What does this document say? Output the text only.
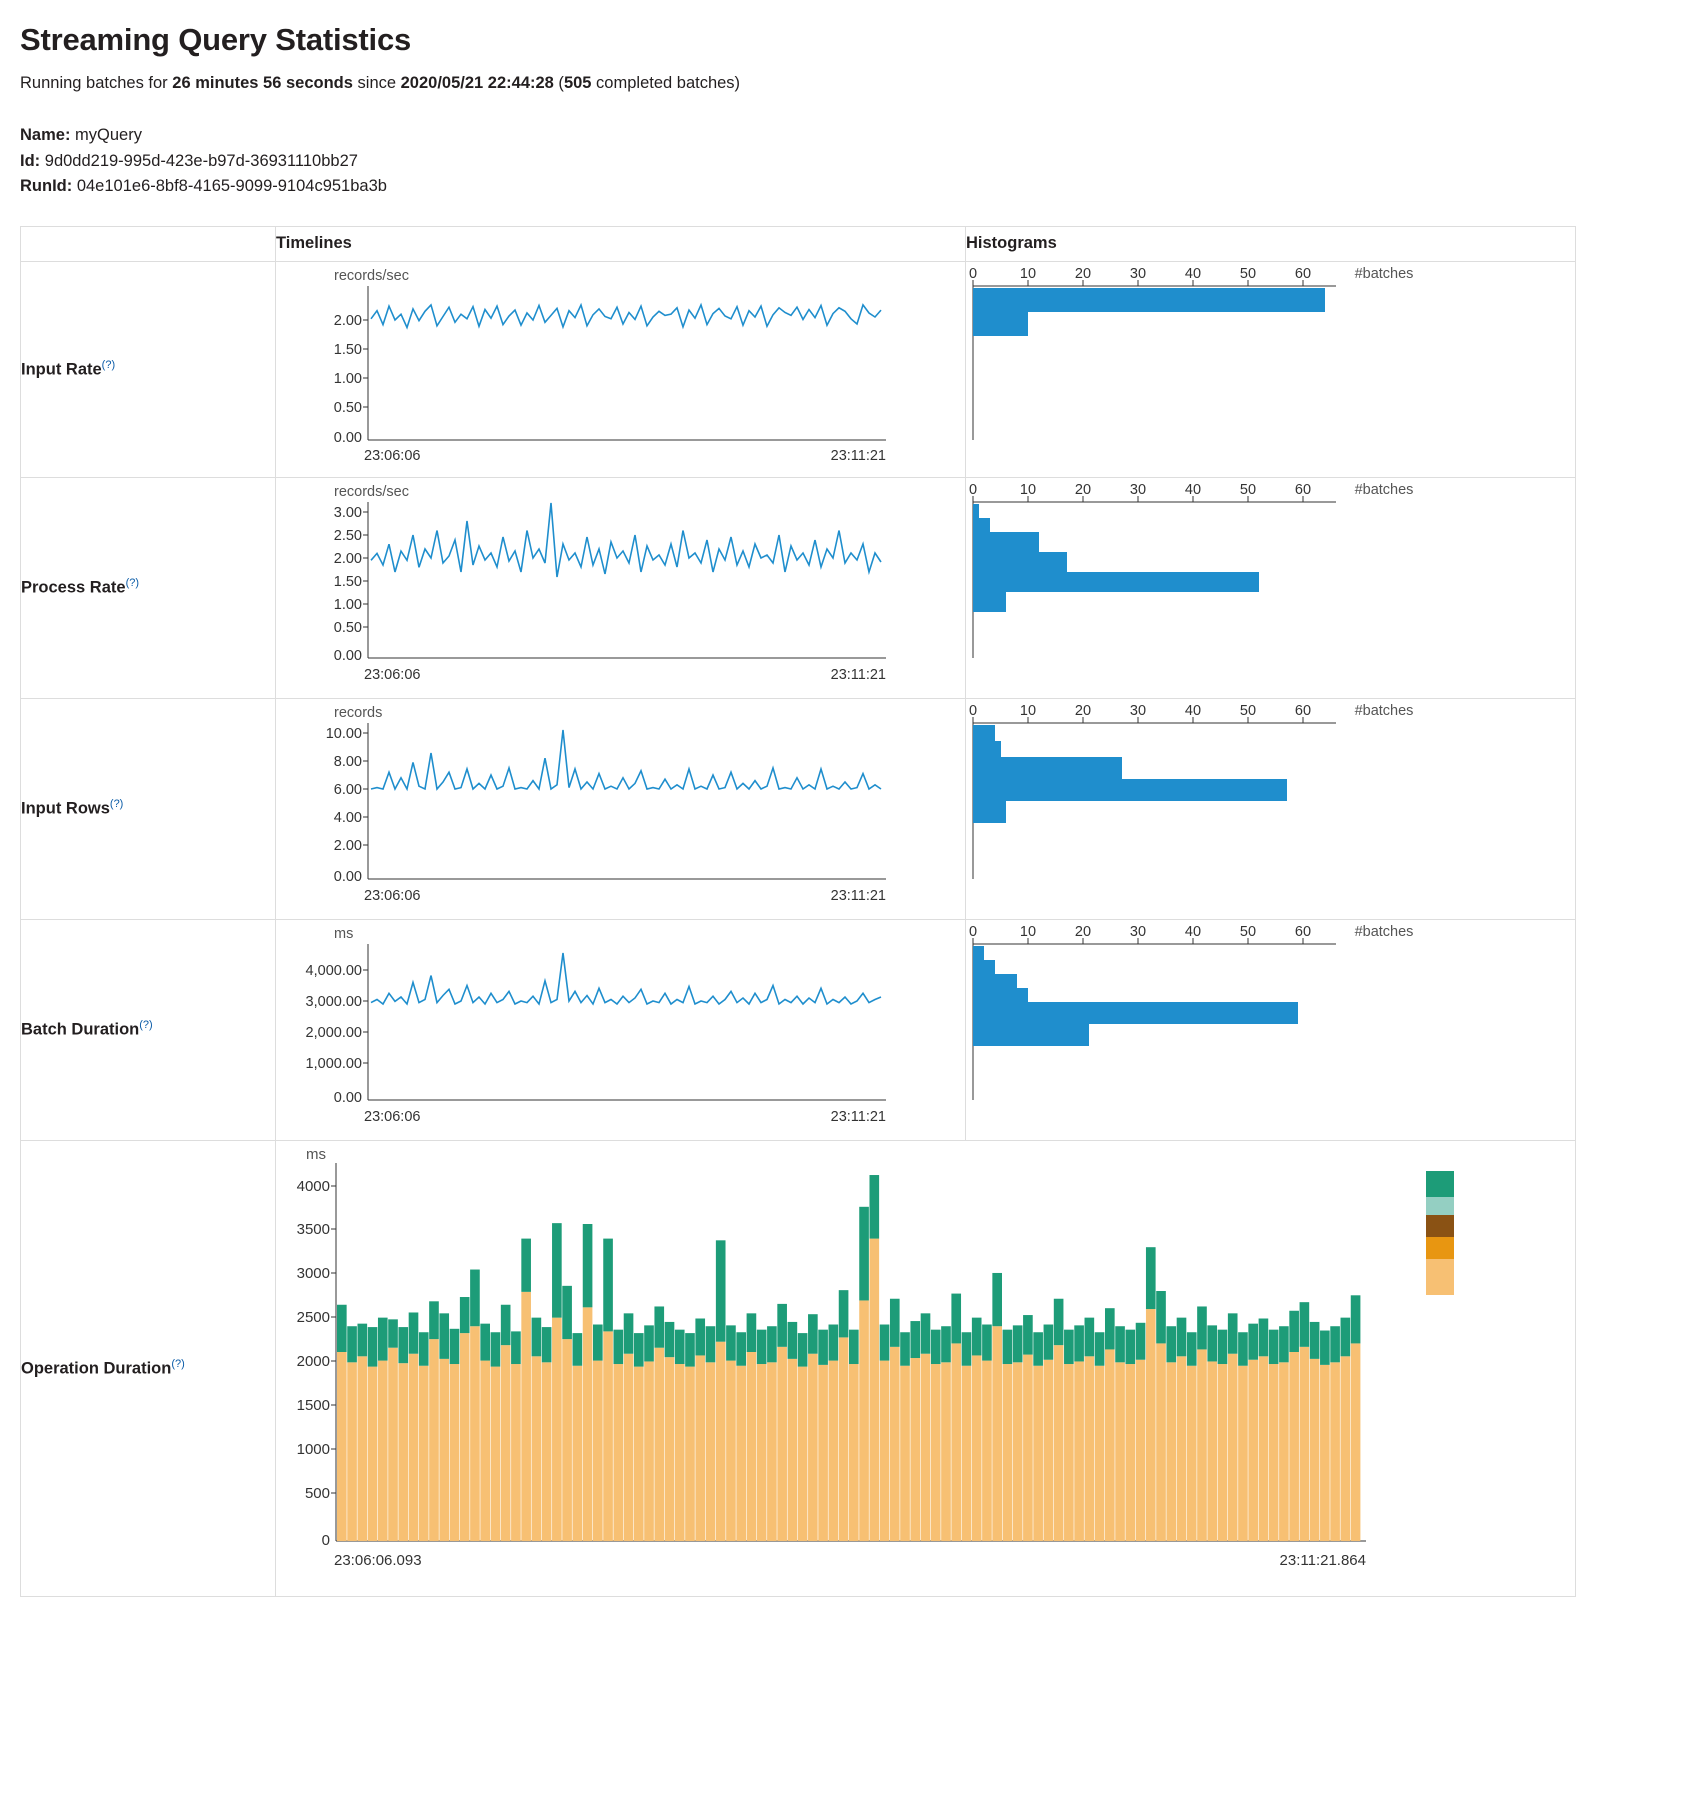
Streaming Query Statistics

Running batches for 26 minutes 56 seconds since 2020/05/21 22:44:28 (505 completed batches)

Name: myQuery
Id: 9d0dd219-995d-423e-b97d-36931110bb27
RunId: 04e101e6-8bf8-4165-9099-9104c951ba3b
	Timelines	Histograms
Input Rate(?)	
records/sec
2.00
1.50
1.00
0.50
0.00
23:06:06	23:11:21

0	10	20	30	40	50	60	#batches

Process Rate(?)	
records/sec
3.00
2.50
2.00
1.50
1.00
0.50
0.00
23:06:06	23:11:21

0	10	20	30	40	50	60	#batches

Input Rows(?)	
records
10.00
8.00
6.00
4.00
2.00
0.00
23:06:06	23:11:21

0	10	20	30	40	50	60	#batches

Batch Duration(?)	
ms
4,000.00
3,000.00
2,000.00
1,000.00
0.00
23:06:06	23:11:21

0	10	20	30	40	50	60	#batches

Operation Duration(?)	
ms
4000
3500
3000
2500
2000
1500
1000
500
0
23:06:06.093	23:11:21.864
